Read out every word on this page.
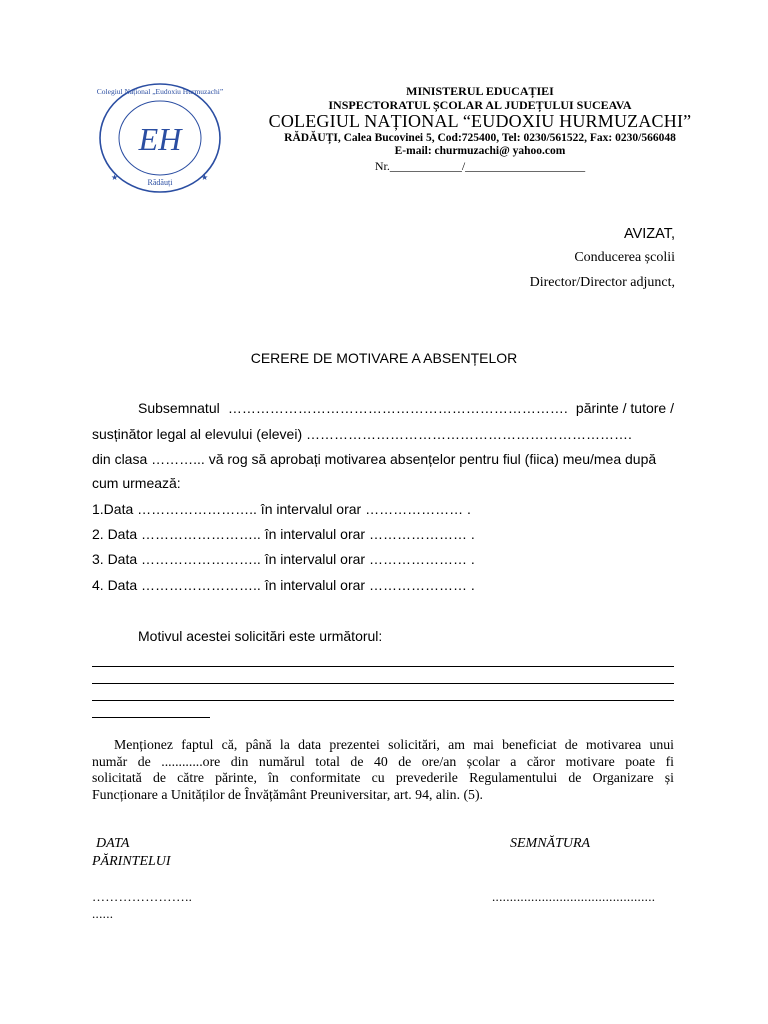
Colegiul Național „Eudoxiu Hurmuzachi”
EH
Rădăuți
★	★
MINISTERUL EDUCAȚIEI
INSPECTORATUL ȘCOLAR AL JUDEȚULUI SUCEAVA
COLEGIUL NAȚIONAL “EUDOXIU HURMUZACHI”
RĂDĂUȚI, Calea Bucovinei 5, Cod:725400, Tel: 0230/561522, Fax: 0230/566048
E-mail: churmuzachi@ yahoo.com
Nr.____________/____________________
AVIZAT,
Conducerea școlii
Director/Director adjunct,
CERERE DE MOTIVARE A ABSENȚELOR
Subsemnatul ………………………………………………………………. părinte / tutore /
susținător legal al elevului (elevei) …………………………………………………………….
din clasa ………... vă rog să aprobați motivarea absențelor pentru fiul (fiica) meu/mea după
cum urmează:
1.Data …………………….. în intervalul orar ………………… .
2. Data …………………….. în intervalul orar ………………… .
3. Data …………………….. în intervalul orar ………………… .
4. Data …………………….. în intervalul orar ………………… .
Motivul acestei solicitări este următorul:
Menționez faptul că, până la data prezentei solicitări, am mai beneficiat de motivarea unui
număr de ............ore din numărul total de 40 de ore/an școlar a căror motivare poate fi
solicitată de către părinte, în conformitate cu prevederile Regulamentului de Organizare și
Funcționare a Unităților de Învățământ Preuniversitar, art. 94, alin. (5).
DATA	SEMNĂTURA
PĂRINTELUI
…………………..	..............................................
......
